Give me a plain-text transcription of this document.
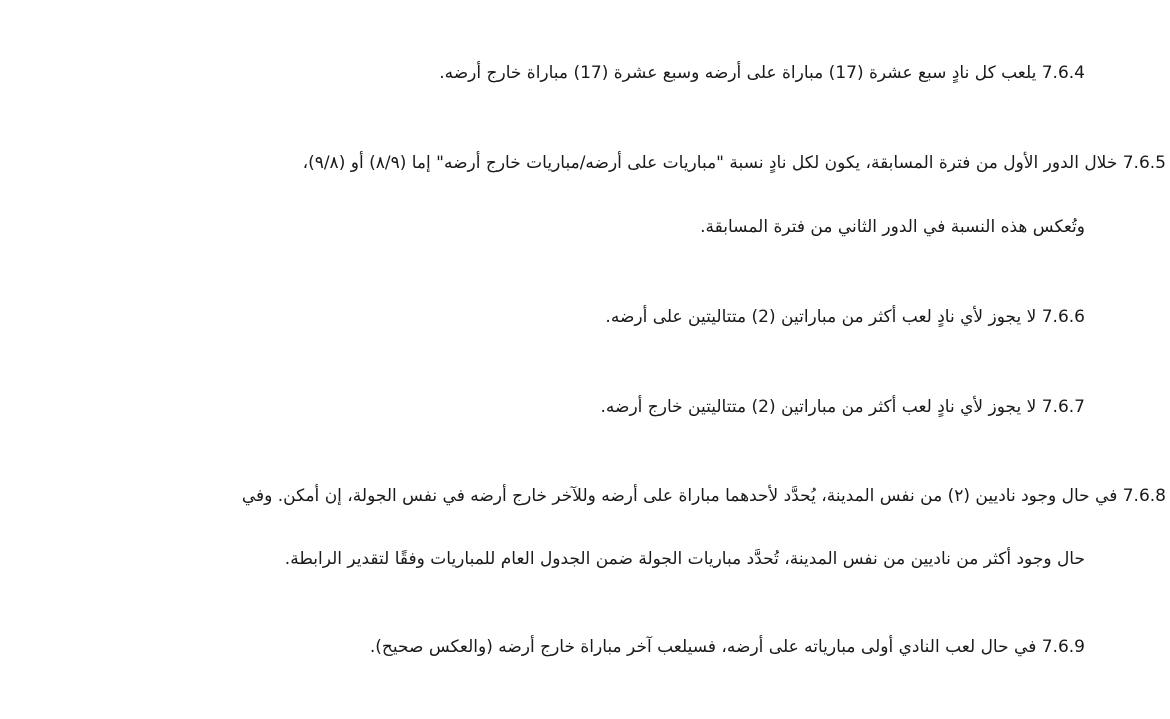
7.6.4 يلعب كل نادٍ سبع عشرة (17) مباراة على أرضه وسبع عشرة (17) مباراة خارج أرضه.
7.6.5 خلال الدور الأول من فترة المسابقة، يكون لكل نادٍ نسبة "مباريات على أرضه/مباريات خارج أرضه" إما (٨/٩) أو (٩/٨)،
وتُعكس هذه النسبة في الدور الثاني من فترة المسابقة.
7.6.6 لا يجوز لأي نادٍ لعب أكثر من مباراتين (2) متتاليتين على أرضه.
7.6.7 لا يجوز لأي نادٍ لعب أكثر من مباراتين (2) متتاليتين خارج أرضه.
7.6.8 في حال وجود ناديين (٢) من نفس المدينة، يُحدَّد لأحدهما مباراة على أرضه وللآخر خارج أرضه في نفس الجولة، إن أمكن. وفي
حال وجود أكثر من ناديين من نفس المدينة، تُحدَّد مباريات الجولة ضمن الجدول العام للمباريات وفقًا لتقدير الرابطة.
7.6.9 في حال لعب النادي أولى مبارياته على أرضه، فسيلعب آخر مباراة خارج أرضه (والعكس صحيح).
